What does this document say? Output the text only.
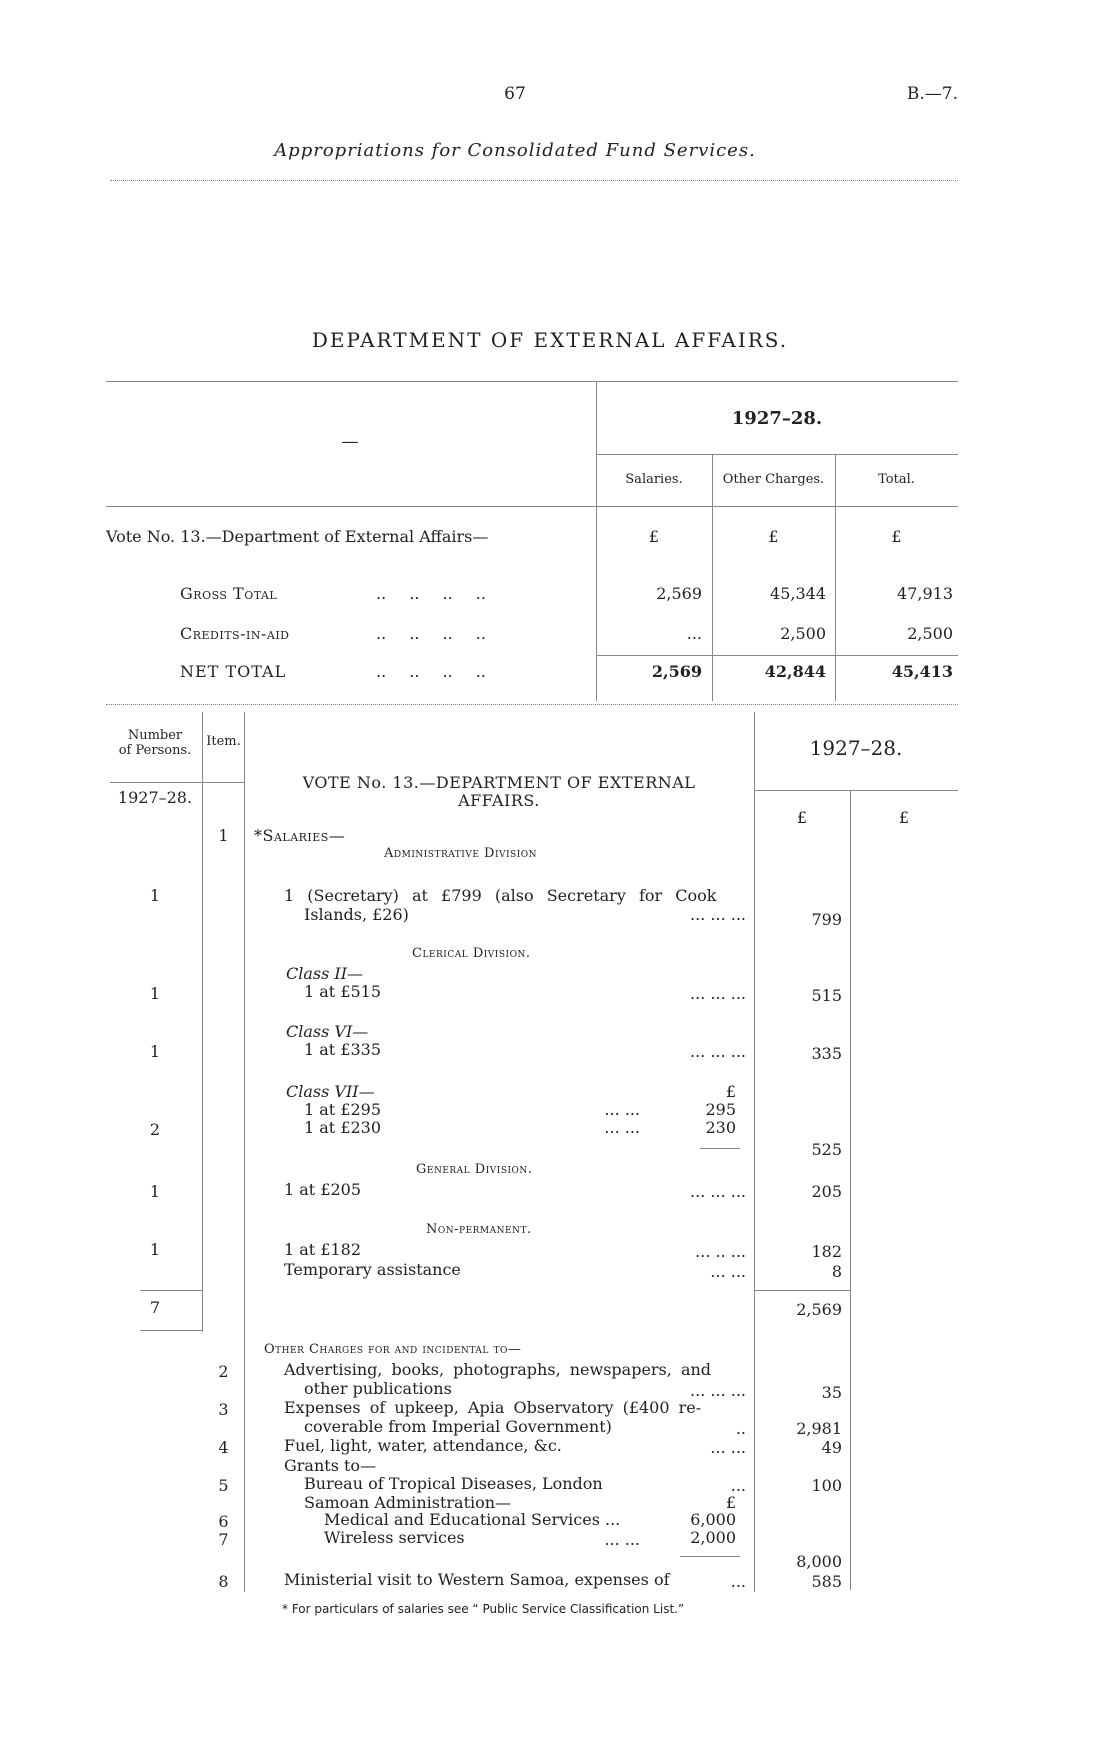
67	B.—7.
Appropriations for Consolidated Fund Services.
DEPARTMENT OF EXTERNAL AFFAIRS.
—
1927–28.
Salaries.	Other Charges.	Total.
Vote No. 13.—Department of External Affairs—	£	£	£
Gross Total	.. .. .. ..	2,569	45,344	47,913
Credits-in-aid	.. .. .. ..	...	2,500	2,500
NET TOTAL	.. .. .. ..	2,569	42,844	45,413
Number
of Persons.
Item.
1927–28.
1927–28.
£	£
VOTE No. 13.—DEPARTMENT OF EXTERNAL
AFFAIRS.
1	*Salaries—
Administrative Division
1	1 (Secretary) at £799 (also Secretary for Cook
Islands, £26)	... ... ...	799
Clerical Division.
Class II—
1	1 at £515	... ... ...	515
Class VI—
1	1 at £335	... ... ...	335
Class VII—	£
1 at £295	... ...	295
2	1 at £230	... ...	230
525
General Division.
1	1 at £205	... ... ...	205
Non-permanent.
1	1 at £182	... .. ...	182
Temporary assistance	... ...	8
7	2,569
Other Charges for and incidental to—
2	Advertising, books, photographs, newspapers, and
other publications	... ... ...	35
3	Expenses of upkeep, Apia Observatory (£400 re-
coverable from Imperial Government)	..	2,981
4	Fuel, light, water, attendance, &c.	... ...	49
Grants to—
5	Bureau of Tropical Diseases, London	...	100
Samoan Administration—	£
6	Medical and Educational Services ...	6,000
7	Wireless services	... ...	2,000
8,000
8	Ministerial visit to Western Samoa, expenses of	...	585
* For particulars of salaries see “ Public Service Classification List.”
